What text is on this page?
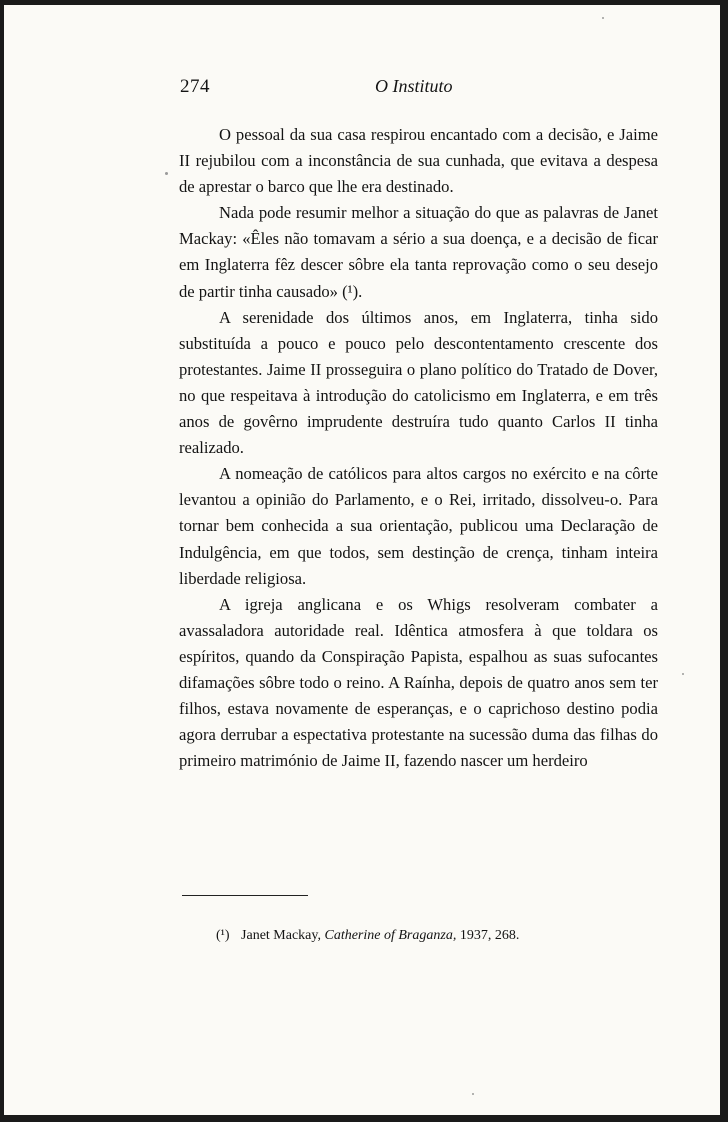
274	O Instituto

O pessoal da sua casa respirou encantado com a decisão, e Jaime II rejubilou com a inconstância de sua cunhada, que evitava a despesa de aprestar o barco que lhe era destinado.

Nada pode resumir melhor a situação do que as palavras de Janet Mackay: «Êles não tomavam a sério a sua doença, e a decisão de ficar em Inglaterra fêz descer sôbre ela tanta reprovação como o seu desejo de partir tinha causado» (¹).

A serenidade dos últimos anos, em Inglaterra, tinha sido substituída a pouco e pouco pelo descontentamento crescente dos protestantes. Jaime II prosseguira o plano político do Tratado de Dover, no que respeitava à introdução do catolicismo em Inglaterra, e em três anos de govêrno imprudente destruíra tudo quanto Carlos II tinha realizado.

A nomeação de católicos para altos cargos no exército e na côrte levantou a opinião do Parlamento, e o Rei, irritado, dissolveu-o. Para tornar bem conhecida a sua orientação, publicou uma Declaração de Indulgência, em que todos, sem destinção de crença, tinham inteira liberdade religiosa.

A igreja anglicana e os Whigs resolveram combater a avassaladora autoridade real. Idêntica atmosfera à que toldara os espíritos, quando da Conspiração Papista, espalhou as suas sufocantes difamações sôbre todo o reino. A Raínha, depois de quatro anos sem ter filhos, estava novamente de esperanças, e o caprichoso destino podia agora derrubar a espectativa protestante na sucessão duma das filhas do primeiro matrimónio de Jaime II, fazendo nascer um herdeiro

(¹) Janet Mackay, Catherine of Braganza, 1937, 268.
